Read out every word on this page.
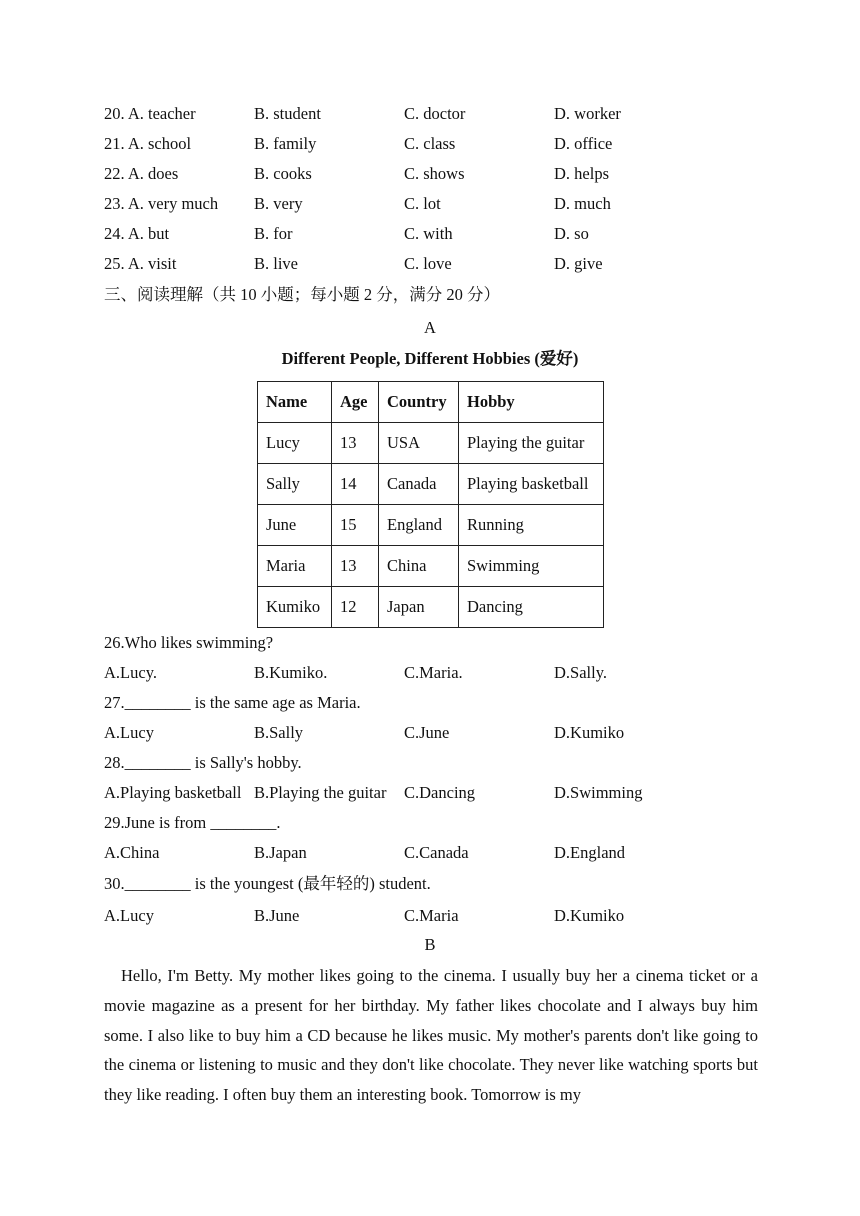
20. A. teacher	B. student	C. doctor	D. worker
21. A. school	B. family	C. class	D. office
22. A. does	B. cooks	C. shows	D. helps
23. A. very much B. very	C. lot	D. much
24. A. but	B. for	C. with	D. so
25. A. visit	B. live	C. love	D. give
三、阅读理解（共 10 小题；每小题 2 分，满分 20 分）
A
Different People, Different Hobbies (爱好)
Name	Age	Country	Hobby
Lucy	13	USA	Playing the guitar
Sally	14	Canada	Playing basketball
June	15	England	Running
Maria	13	China	Swimming
Kumiko	12	Japan	Dancing
26.Who likes swimming?
A.Lucy.	B.Kumiko.	C.Maria.	D.Sally.
27.________ is the same age as Maria.
A.Lucy	B.Sally	C.June	D.Kumiko
28.________ is Sally's hobby.
A.Playing basketball B.Playing the guitar C.Dancing	D.Swimming
29.June is from ________.
A.China	B.Japan	C.Canada	D.England
30.________ is the youngest (最年轻的) student.
A.Lucy	B.June	C.Maria	D.Kumiko
B

Hello, I'm Betty. My mother likes going to the cinema. I usually buy her a cinema ticket or a movie magazine as a present for her birthday. My father likes chocolate and I always buy him some. I also like to buy him a CD because he likes music. My mother's parents don't like going to the cinema or listening to music and they don't like chocolate. They never like watching sports but they like reading. I often buy them an interesting book. Tomorrow is my
